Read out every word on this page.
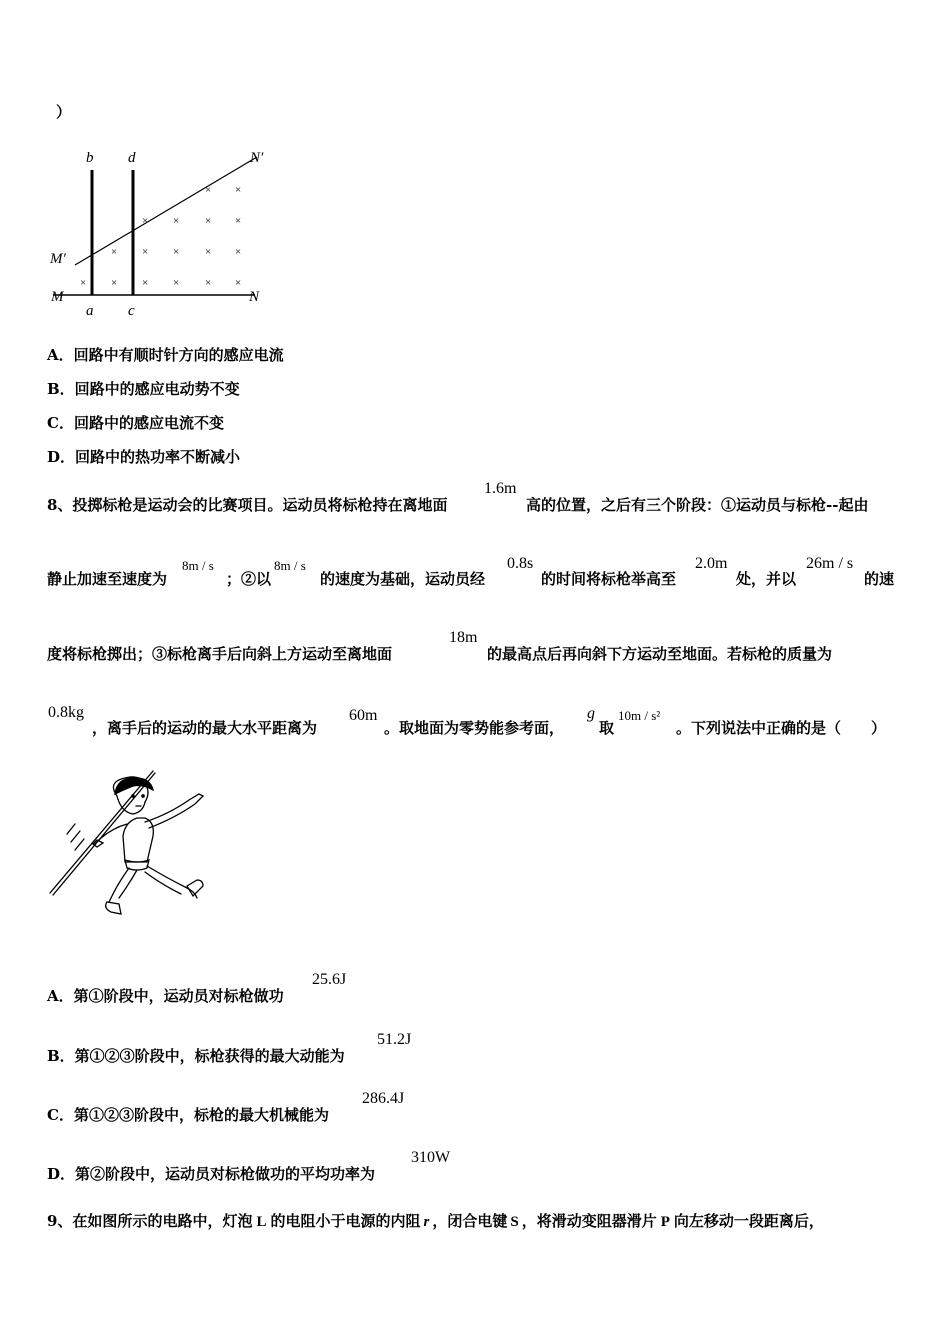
）
× ×
× × × ×
× × × × ×
× × × × × ×
b d	N′
M′
M	N
a c
A．回路中有顺时针方向的感应电流
B．回路中的感应电动势不变
C．回路中的感应电流不变
D．回路中的热功率不断减小
8、投掷标枪是运动会的比赛项目。运动员将标枪持在离地面
1.6m
高的位置，之后有三个阶段：①运动员与标枪--起由
静止加速至速度为
8m / s
；②以
8m / s
的速度为基础，运动员经
0.8s
的时间将标枪举高至
2.0m
处，并以
26m / s
的速
度将标枪掷出；③标枪离手后向斜上方运动至离地面
18m
的最高点后再向斜下方运动至地面。若标枪的质量为
0.8kg
，离手后的运动的最大水平距离为
60m
。取地面为零势能参考面，
g
取
10m / s²
。下列说法中正确的是（　　）
A．第①阶段中，运动员对标枪做功
25.6J
B．第①②③阶段中，标枪获得的最大动能为
51.2J
C．第①②③阶段中，标枪的最大机械能为
286.4J
D．第②阶段中，运动员对标枪做功的平均功率为
310W
9、在如图所示的电路中，灯泡 L 的电阻小于电源的内阻 r ，闭合电键 S ，将滑动变阻器滑片 P 向左移动一段距离后，
